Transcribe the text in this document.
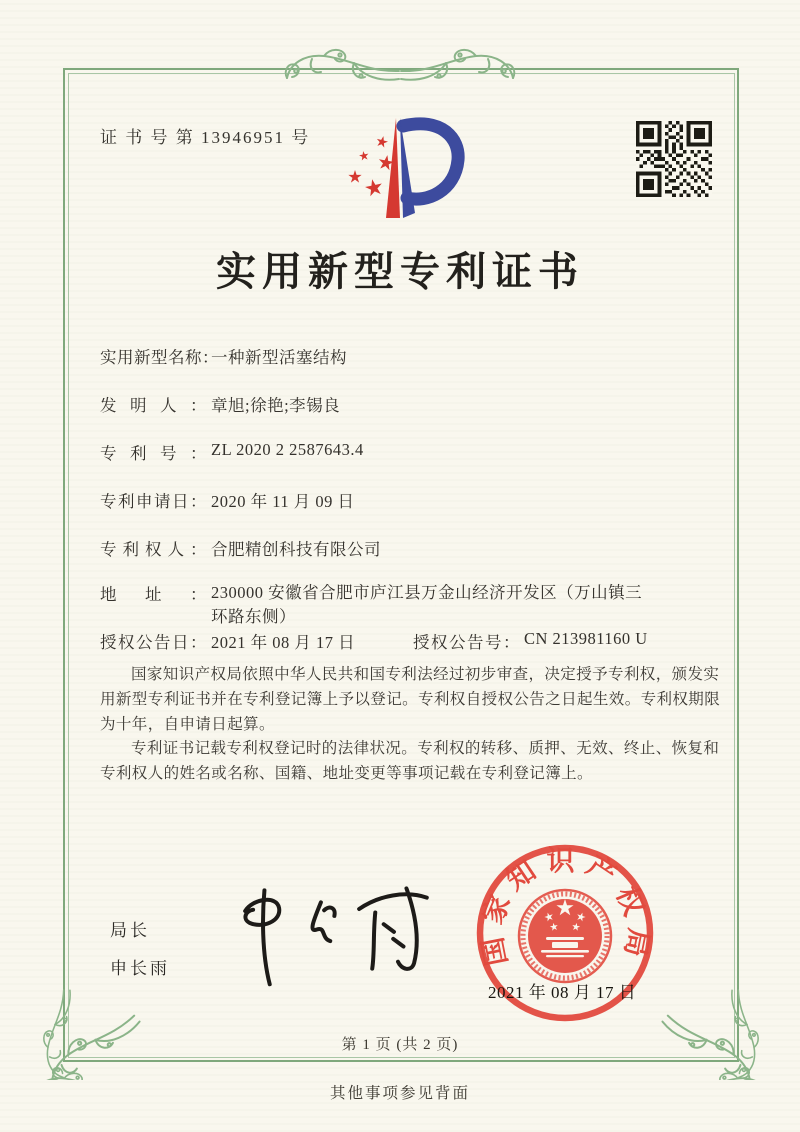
证 书 号 第 13946951 号
实用新型专利证书
实用新型名称：一种新型活塞结构
发明人： 章旭;徐艳;李锡良
专利号： ZL 2020 2 2587643.4
专利申请日： 2020 年 11 月 09 日
专利权人： 合肥精创科技有限公司
地址： 230000 安徽省合肥市庐江县万金山经济开发区（万山镇三环路东侧）
授权公告日： 2021 年 08 月 17 日	授权公告号： CN 213981160 U

国家知识产权局依照中华人民共和国专利法经过初步审查，决定授予专利权，颁发实用新型专利证书并在专利登记簿上予以登记。专利权自授权公告之日起生效。专利权期限为十年，自申请日起算。

专利证书记载专利权登记时的法律状况。专利权的转移、质押、无效、终止、恢复和专利权人的姓名或名称、国籍、地址变更等事项记载在专利登记簿上。

局长
申长雨
国家知识产权局
2021 年 08 月 17 日
第 1 页 (共 2 页)
其他事项参见背面
